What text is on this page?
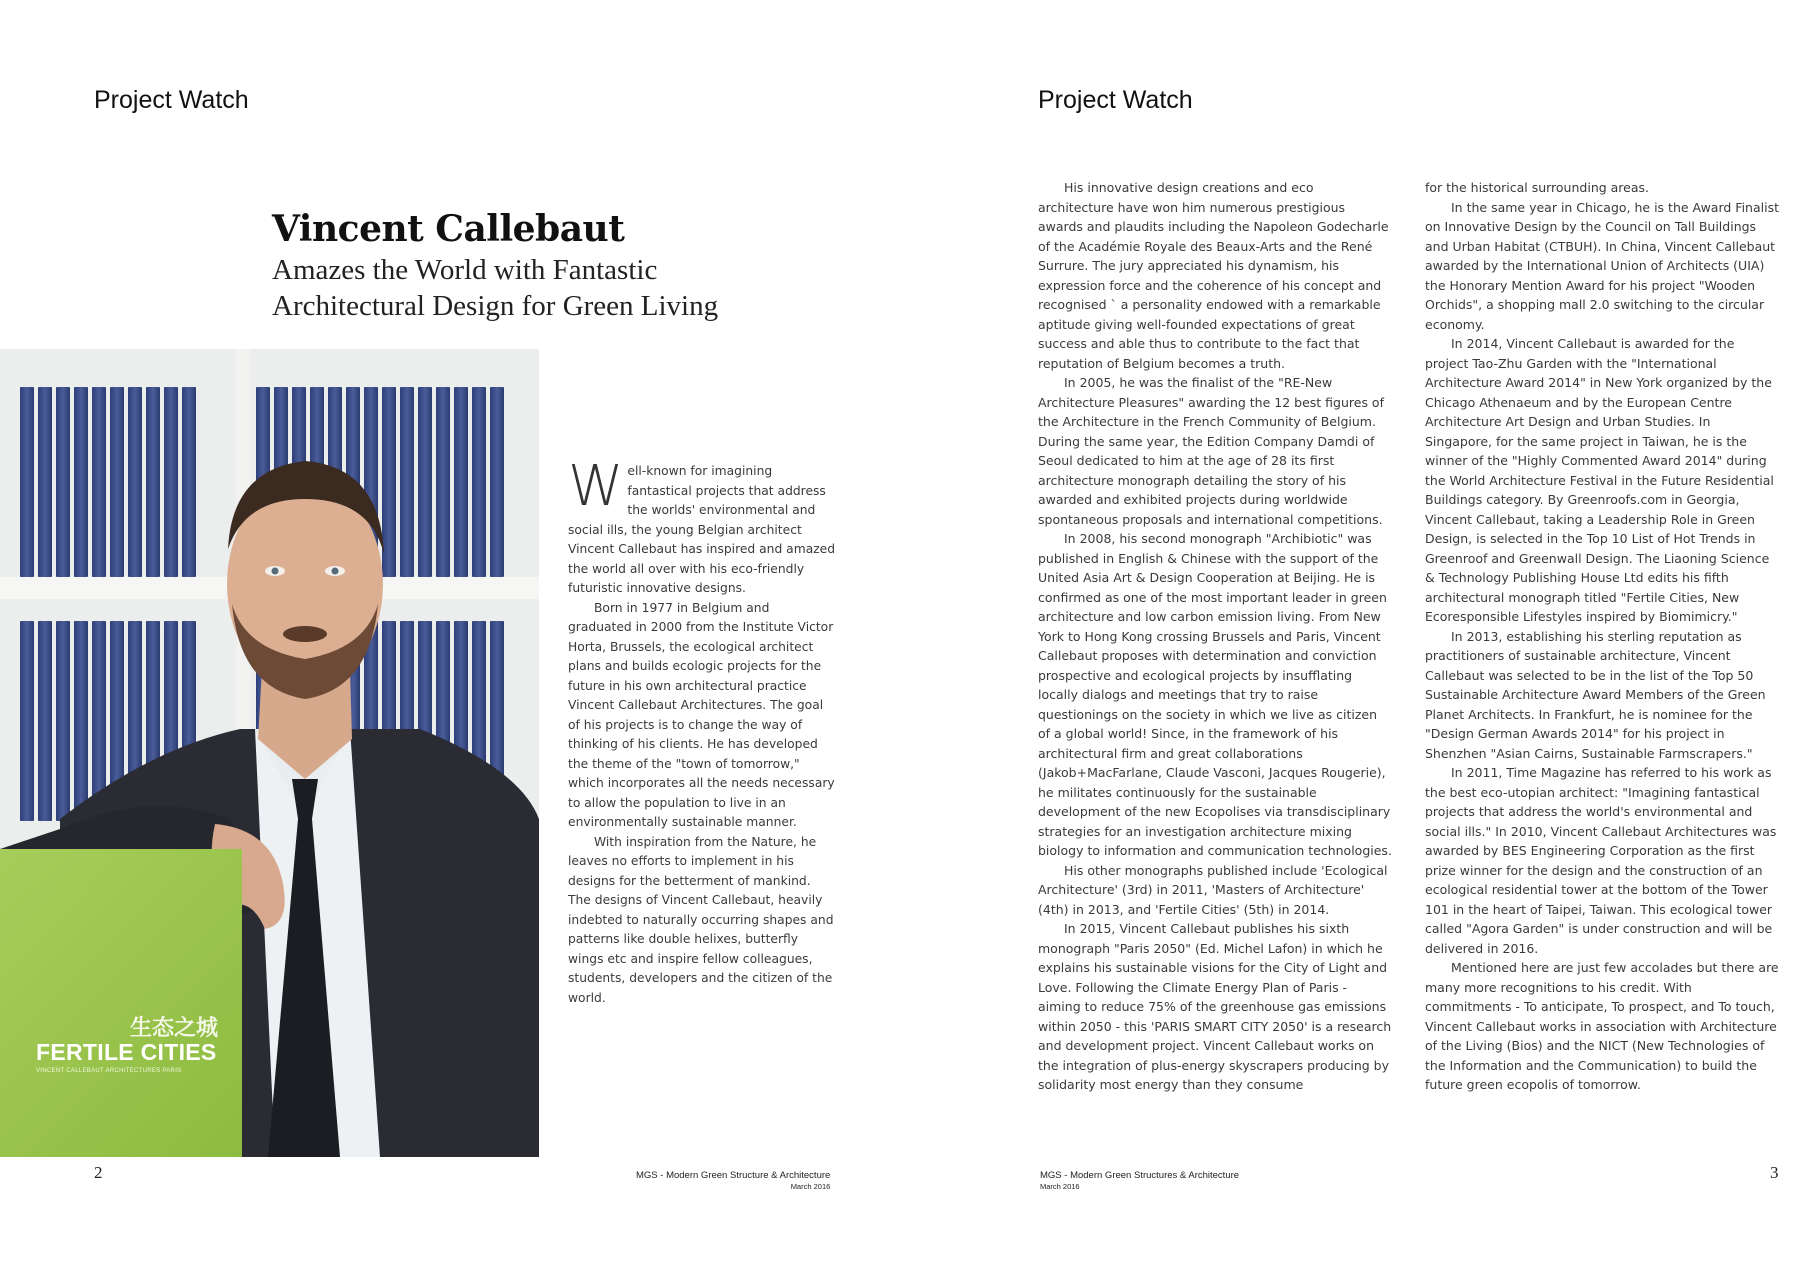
Project Watch
Vincent Callebaut
Amazes the World with Fantastic
Architectural Design for Green Living
生态之城
FERTILE CITIES
VINCENT CALLEBAUT ARCHITECTURES PARIS

Well-known for imagining fantastical projects that address the worlds' environmental and social ills, the young Belgian architect Vincent Callebaut has inspired and amazed the world all over with his eco-friendly futuristic innovative designs.

Born in 1977 in Belgium and graduated in 2000 from the Institute Victor Horta, Brussels, the ecological architect plans and builds ecologic projects for the future in his own architectural practice Vincent Callebaut Architectures. The goal of his projects is to change the way of thinking of his clients. He has developed the theme of the "town of tomorrow," which incorporates all the needs necessary to allow the population to live in an environmentally sustainable manner.

With inspiration from the Nature, he leaves no efforts to implement in his designs for the betterment of mankind. The designs of Vincent Callebaut, heavily indebted to naturally occurring shapes and patterns like double helixes, butterfly wings etc and inspire fellow colleagues, students, developers and the citizen of the world.

2	MGS - Modern Green Structure & Architecture
March 2016
Project Watch

His innovative design creations and eco architecture have won him numerous prestigious awards and plaudits including the Napoleon Godecharle of the Académie Royale des Beaux-Arts and the René Surrure. The jury appreciated his dynamism, his expression force and the coherence of his concept and recognised ` a personality endowed with a remarkable aptitude giving well-founded expectations of great success and able thus to contribute to the fact that reputation of Belgium becomes a truth.

In 2005, he was the finalist of the "RE-New Architecture Pleasures" awarding the 12 best figures of the Architecture in the French Community of Belgium. During the same year, the Edition Company Damdi of Seoul dedicated to him at the age of 28 its first architecture monograph detailing the story of his awarded and exhibited projects during worldwide spontaneous proposals and international competitions.

In 2008, his second monograph "Archibiotic" was published in English & Chinese with the support of the United Asia Art & Design Cooperation at Beijing. He is confirmed as one of the most important leader in green architecture and low carbon emission living. From New York to Hong Kong crossing Brussels and Paris, Vincent Callebaut proposes with determination and conviction prospective and ecological projects by insufflating locally dialogs and meetings that try to raise questionings on the society in which we live as citizen of a global world! Since, in the framework of his architectural firm and great collaborations (Jakob+MacFarlane, Claude Vasconi, Jacques Rougerie), he militates continuously for the sustainable development of the new Ecopolises via transdisciplinary strategies for an investigation architecture mixing biology to information and communication technologies.

His other monographs published include 'Ecological Architecture' (3rd) in 2011, 'Masters of Architecture' (4th) in 2013, and 'Fertile Cities' (5th) in 2014.

In 2015, Vincent Callebaut publishes his sixth monograph "Paris 2050" (Ed. Michel Lafon) in which he explains his sustainable visions for the City of Light and Love. Following the Climate Energy Plan of Paris - aiming to reduce 75% of the greenhouse gas emissions within 2050 - this 'PARIS SMART CITY 2050' is a research and development project. Vincent Callebaut works on the integration of plus-energy skyscrapers producing by solidarity most energy than they consume

for the historical surrounding areas.

In the same year in Chicago, he is the Award Finalist on Innovative Design by the Council on Tall Buildings and Urban Habitat (CTBUH). In China, Vincent Callebaut awarded by the International Union of Architects (UIA) the Honorary Mention Award for his project "Wooden Orchids", a shopping mall 2.0 switching to the circular economy.

In 2014, Vincent Callebaut is awarded for the project Tao-Zhu Garden with the "International Architecture Award 2014" in New York organized by the Chicago Athenaeum and by the European Centre Architecture Art Design and Urban Studies. In Singapore, for the same project in Taiwan, he is the winner of the "Highly Commented Award 2014" during the World Architecture Festival in the Future Residential Buildings category. By Greenroofs.com in Georgia, Vincent Callebaut, taking a Leadership Role in Green Design, is selected in the Top 10 List of Hot Trends in Greenroof and Greenwall Design. The Liaoning Science & Technology Publishing House Ltd edits his fifth architectural monograph titled "Fertile Cities, New Ecoresponsible Lifestyles inspired by Biomimicry."

In 2013, establishing his sterling reputation as practitioners of sustainable architecture, Vincent Callebaut was selected to be in the list of the Top 50 Sustainable Architecture Award Members of the Green Planet Architects. In Frankfurt, he is nominee for the "Design German Awards 2014" for his project in Shenzhen "Asian Cairns, Sustainable Farmscrapers."

In 2011, Time Magazine has referred to his work as the best eco-utopian architect: "Imagining fantastical projects that address the world's environmental and social ills." In 2010, Vincent Callebaut Architectures was awarded by BES Engineering Corporation as the first prize winner for the design and the construction of an ecological residential tower at the bottom of the Tower 101 in the heart of Taipei, Taiwan. This ecological tower called "Agora Garden" is under construction and will be delivered in 2016.

Mentioned here are just few accolades but there are many more recognitions to his credit. With commitments - To anticipate, To prospect, and To touch, Vincent Callebaut works in association with Architecture of the Living (Bios) and the NICT (New Technologies of the Information and the Communication) to build the future green ecopolis of tomorrow.

3
MGS - Modern Green Structures & Architecture
March 2016
